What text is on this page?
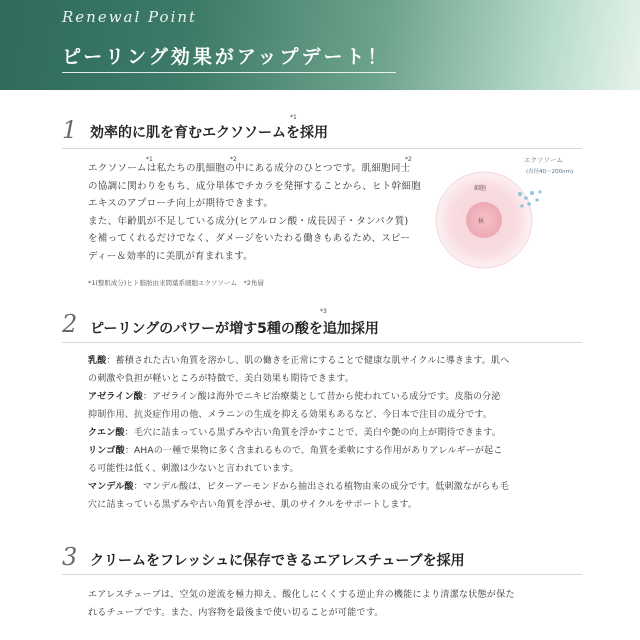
Renewal Point
ピーリング効果がアップデート！
1 効率的に肌を育むエクソソームを採用
*1
*1	*2	*2

エクソソームは私たちの肌細胞の中にある成分のひとつです。肌細胞同士

の協調に関わりをもち、成分単体でチカラを発揮することから、ヒト幹細胞

エキスのアプローチ向上が期待できます。

また、年齢肌が不足している成分(ヒアルロン酸・成長因子・タンパク質)

を補ってくれるだけでなく、ダメージをいたわる働きもあるため、スピー

ディー＆効率的に美肌が育まれます。

*1(整肌成分)ヒト脂肪由来間葉系細胞エクソソーム　*2角層
核
細胞
エクソソーム
(直径40〜200nm)
2 ピーリングのパワーが増す5種の酸を追加採用
*3

乳酸：蓄積された古い角質を溶かし、肌の働きを正常にすることで健康な肌サイクルに導きます。肌へ

の刺激や負担が軽いところが特徴で、美白効果も期待できます。

アゼライン酸：アゼライン酸は海外でニキビ治療薬として昔から使われている成分です。皮脂の分泌

抑制作用、抗炎症作用の他、メラニンの生成を抑える効果もあるなど、今日本で注目の成分です。

クエン酸：毛穴に詰まっている黒ずみや古い角質を浮かすことで、美白や艶の向上が期待できます。

リンゴ酸：AHAの一種で果物に多く含まれるもので、角質を柔軟にする作用がありアレルギーが起こ

る可能性は低く、刺激は少ないと言われています。

マンデル酸：マンデル酸は、ビターアーモンドから抽出される植物由来の成分です。低刺激ながらも毛

穴に詰まっている黒ずみや古い角質を浮かせ、肌のサイクルをサポートします。

3 クリームをフレッシュに保存できるエアレスチューブを採用

エアレスチューブは、空気の逆流を極力抑え、酸化しにくくする逆止弁の機能により清潔な状態が保た

れるチューブです。また、内容物を最後まで使い切ることが可能です。
